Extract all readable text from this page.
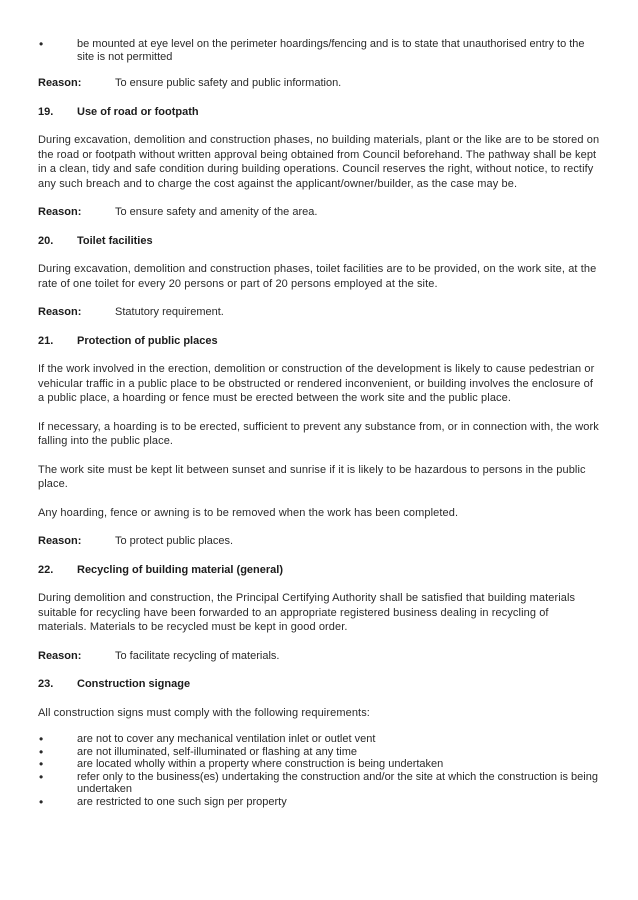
•	be mounted at eye level on the perimeter hoardings/fencing and is to state that unauthorised entry to the site is not permitted
Reason:	To ensure public safety and public information.
19.	Use of road or footpath

During excavation, demolition and construction phases, no building materials, plant or the like are to be stored on the road or footpath without written approval being obtained from Council beforehand. The pathway shall be kept in a clean, tidy and safe condition during building operations. Council reserves the right, without notice, to rectify any such breach and to charge the cost against the applicant/owner/builder, as the case may be.

Reason:	To ensure safety and amenity of the area.
20.	Toilet facilities

During excavation, demolition and construction phases, toilet facilities are to be provided, on the work site, at the rate of one toilet for every 20 persons or part of 20 persons employed at the site.

Reason:	Statutory requirement.
21.	Protection of public places

If the work involved in the erection, demolition or construction of the development is likely to cause pedestrian or vehicular traffic in a public place to be obstructed or rendered inconvenient, or building involves the enclosure of a public place, a hoarding or fence must be erected between the work site and the public place.

If necessary, a hoarding is to be erected, sufficient to prevent any substance from, or in connection with, the work falling into the public place.

The work site must be kept lit between sunset and sunrise if it is likely to be hazardous to persons in the public place.

Any hoarding, fence or awning is to be removed when the work has been completed.

Reason:	To protect public places.
22.	Recycling of building material (general)

During demolition and construction, the Principal Certifying Authority shall be satisfied that building materials suitable for recycling have been forwarded to an appropriate registered business dealing in recycling of materials. Materials to be recycled must be kept in good order.

Reason:	To facilitate recycling of materials.
23.	Construction signage

All construction signs must comply with the following requirements:

•	are not to cover any mechanical ventilation inlet or outlet vent
•	are not illuminated, self-illuminated or flashing at any time
•	are located wholly within a property where construction is being undertaken
•	refer only to the business(es) undertaking the construction and/or the site at which the construction is being undertaken
•	are restricted to one such sign per property
